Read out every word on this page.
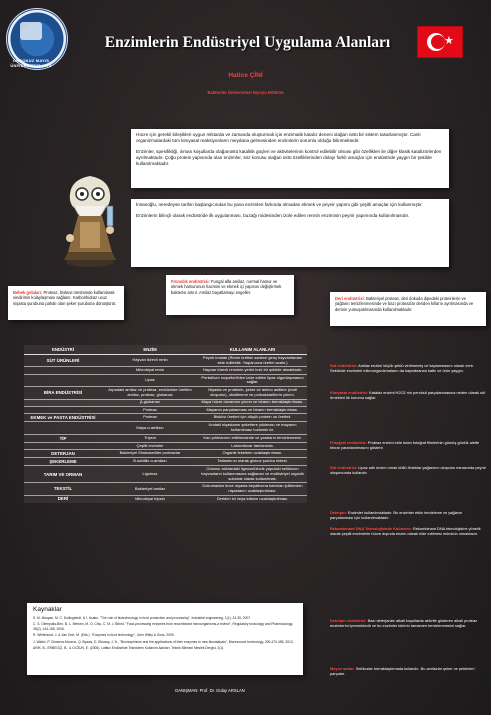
ONDOKUZ MAYIS ÜNİVERSİTESİ 1975
Enzimlerin Endüstriyel Uygulama Alanları	★
Hatice ÇİNİ
Bakteriler Üniversitesi Biyoyo Bölümü

Hücre için gerekli bileşikleri uygun miktarda ve zamanda oluşturmak için enzimatik katalız deneni olağan üstü bir sistem tasarlanmıştır. Canlı organizmalardaki tüm kimyasal reaksiyonların meydana gelmesinden enzimlerin sorumlu olduğu bilinmektedir.

Enzimler, spesifikliği, ılıman koşullarda olağanüstü katalitik güçleri ve aktivitelerinin kontrol edilebilir olması gibi özellikleri ile diğer klasik katalizörlerden ayrılmaktadır. Çoğu protein yapısında olan enzimler, söz konusu olağan üstü özelliklerinden dolayı farklı amaçlar için endüstride yaygın bir şekilde kullanılmaktadır.

İnsanoğlu, neredeyse tarihin başlangıcından bu yana enzimleri farkında olmadan ekmek ve peynir yapımı gibi çeşitli amaçlar için kullanmıştır.

Enzimlerin bilinçli olarak endüstride ilk uygulanması, buzağı midesinden izole edilen rennin enziminin peynir yapımında kullanılmasıdır.

Bebek gıdaları: Proteaz, bisküvi üretiminde kullanılarak sindirimin kolaylaşması sağlanır. Karbonhidraz ucuz nişasta şurubuna pahalı olan şeker şurubuna dönüştürür.
Fırıncılık endüstrisi: Fungal alfa amilaz, normal hamur ve ekmek hamurunun hacmini ve ekmek içi yapısını değiştirmek bakterisi artırır. Amilaz bayatlamayı engeller.
Deri endüstrisi: Bakteriyel proteaz, deri dokuda dipedeki proteinlerin ve yağların temizlenmesinde ve bazı proteazlar deriden kılların ayrılmasında ve derinin yumuşatılmasında kullanılmaktadır.
Süt endüstrisi: Amilaz enzimi küçük şeklü verilmemiş ve kaplanmasını olarak verir. Sektörde enzimleri mikroorganizmaların da kaynaklanan katkı ve ürün yaygın.
Kimyasal endüstrisi: Katalaz enzimi H2O2 nin peroksit parçalanmasına neden olarak süt örnekleri ile koruma sağlar.
Fotoğraf endüstrisi: Proteaz enzimi elde tutan fotoğraf filmlerinin gümüş gözlük alette tekrar yararlanılmasını gösterir.
Süt endüstrisi: Lipaz adlı enzim ırmak küflü findıklar yağlarının oluşumu esnasında peynir oluşumunda kullanılır.
Deterjan: Enzimler kullanılmaktadır. Bu enzimler etkin temizleme ve yağların parçalanması için kullanılmaktadır.
Rekombinant DNA Teknolojisinde Kullanımı: Rekombinant DNA teknolojisine yönelik olarak çeşitli enzimlerin hücre dışında enzim olarak elde edilmesi mümkün olmaktadır.
Deterjan endüstrisi: Bazı deterjanlar alkali koşullarda aktivite gösteren alkali proteaz enzimlerini içermektedir ve bu enzimler kirlerin tamamen temizlenmesini sağlar.
Meyve suları: Selülozlar berraklaştırmada kullanılır. Bu amilazlar şeker ve pektinleri parçalar.
ENDÜSTRİ	ENZİM	KULLANIM ALANLARI
SÜT ÜRÜNLERİ	Hayvan türevli renin	Peynir imalatı (Renin üretimi sadece genç hayvanlardan elde edilebilir. Yaşlanınca üretim azalır.)
	Mikrobiyal renin	Hayvan türevli renninin yerini hızlı bir şekilde almaktadır.
	Lipaz	Penisilium roqueforti'den izole edilen lipaz olgunlaşmasını sağlar.
BİRA ENDÜSTRİSİ	Arpadaki amilaz ve proteaz, endüstride üretilen amilaz, proteaz, glukanaz	Nişasta ve proteinin, şeker ve amino asitlere (malt oluşumu), oksitlenme ve polisakkaritlerin yıkımı.
	β-glukanaz	Maya hücre duvarının yıkımı ve biranın berraklaştırılması.
	Proteaz	Mayanın parçalanması ve biranın berraklaştırılması.
EKMEK ve PASTA ENDÜSTRİSİ	Proteaz	Bisküvi üretimi için düşük protein un üretimi.
	Maya α-amilazı	Undaki nişastanın şekerlere yıkılması ve mayanın kullanılması hızlandırılır.
TİP	Tripsin	Kan pıhtılarının eritilmesinde ve yaraların temizlenmesi.
	Çeşitli enzimler	Laboratuvar tanılarında.
DETERJAN	Bakteriyel Ekstraselüler proteazlar	Organik lekelerin uzaklaştırılması.
ŞEKERLEME	B.subtilis α-amilazı	Tatlandırıcı olarak glukoz şurubu eldesi.
TARIM VE ORMAN	Ligninaz	Odunsu atıklardaki lignoselülozik yapıdaki selülozun hayvanların kullanmasına sağlanan ve endüstriyel organik substrat olarak kullanılmak.
TEKSTİL	Bakteriyel amilaz	Dokumadan önce nişasta beyaltısına batırılan ipliklerden nişastanın uzaklaştırılması.
DERİ	Mikrobiyal tripsin	Deriden kıl veya kılların uzaklaştırılması.
Kaynaklar
S. M. Mosyan, M. C. Dollingstedt, & I. Usaku. "The role of biotechnology in food production and processing", Industrial engineering, 1(1), 24-35, 2007.
C. S. Olempaks-Ben, B. L. Merken, M. O. Chiu, C. M. J. Bibird. "Food-processing enzymes from recombinant microorganisms-a review", Regulatory toxicology and Pharmacology, 45(2), 144-158, 2006.
R. Whitehurst, J. & Van Oort, M. (Eds.). "Enzymes in food technology", John Wiley & Sons, 2009.
J. Walsh, P. Cisneros-Moreno, Q. Byaws, D. Eksowy, J. N., "Biomorphisms and the applications of their enzymes to new biocatalysis", Bioresource technology, 290-470-495, 2013.
ARIK, B., ERBEGÇİ, B., & OLĞUN, E. (2006). Latitus Endüstride Tekniklerin Kullanım Alanları. Teknik Bilimsel Meslek Dergisi, 2(1).
DANIŞMAN: Prof. Dr. Gülay ARSLAN
